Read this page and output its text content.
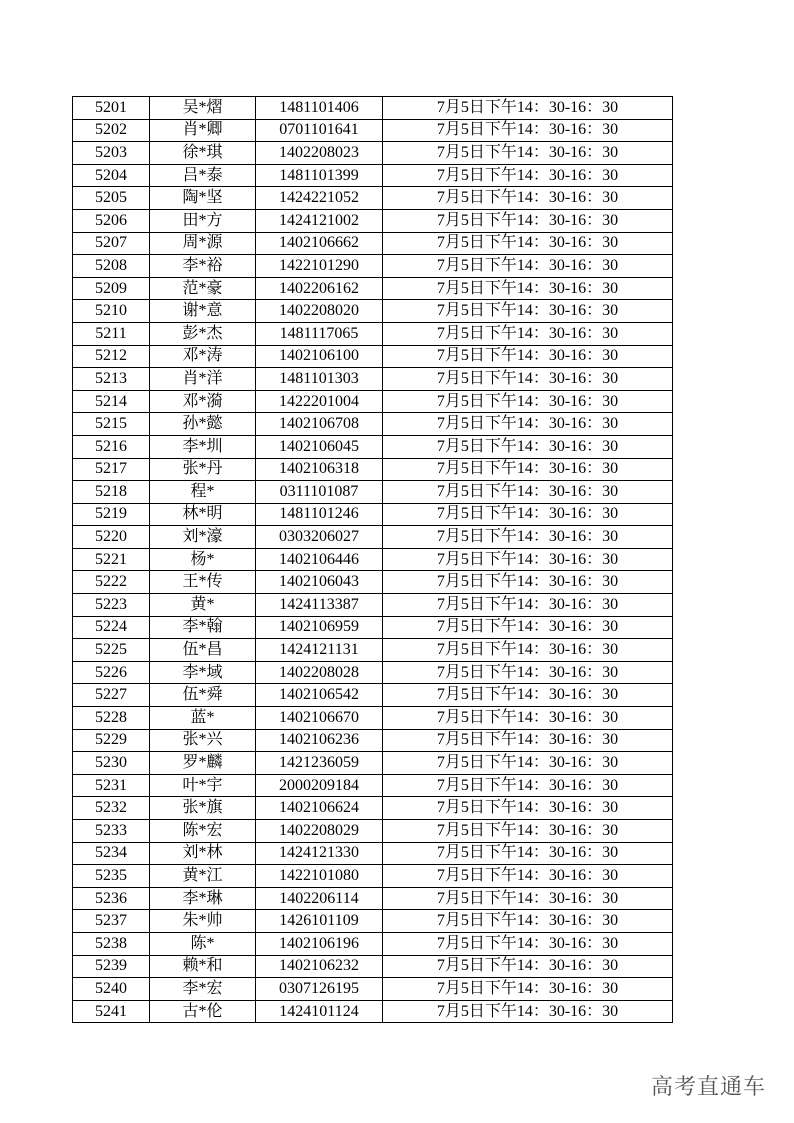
5201	吴*熠	1481101406	7月5日下午14：30-16：30
5202	肖*卿	0701101641	7月5日下午14：30-16：30
5203	徐*琪	1402208023	7月5日下午14：30-16：30
5204	吕*泰	1481101399	7月5日下午14：30-16：30
5205	陶*坚	1424221052	7月5日下午14：30-16：30
5206	田*方	1424121002	7月5日下午14：30-16：30
5207	周*源	1402106662	7月5日下午14：30-16：30
5208	李*裕	1422101290	7月5日下午14：30-16：30
5209	范*豪	1402206162	7月5日下午14：30-16：30
5210	谢*意	1402208020	7月5日下午14：30-16：30
5211	彭*杰	1481117065	7月5日下午14：30-16：30
5212	邓*涛	1402106100	7月5日下午14：30-16：30
5213	肖*洋	1481101303	7月5日下午14：30-16：30
5214	邓*漪	1422201004	7月5日下午14：30-16：30
5215	孙*懿	1402106708	7月5日下午14：30-16：30
5216	李*圳	1402106045	7月5日下午14：30-16：30
5217	张*丹	1402106318	7月5日下午14：30-16：30
5218	程*	0311101087	7月5日下午14：30-16：30
5219	林*明	1481101246	7月5日下午14：30-16：30
5220	刘*濠	0303206027	7月5日下午14：30-16：30
5221	杨*	1402106446	7月5日下午14：30-16：30
5222	王*传	1402106043	7月5日下午14：30-16：30
5223	黄*	1424113387	7月5日下午14：30-16：30
5224	李*翰	1402106959	7月5日下午14：30-16：30
5225	伍*昌	1424121131	7月5日下午14：30-16：30
5226	李*域	1402208028	7月5日下午14：30-16：30
5227	伍*舜	1402106542	7月5日下午14：30-16：30
5228	蓝*	1402106670	7月5日下午14：30-16：30
5229	张*兴	1402106236	7月5日下午14：30-16：30
5230	罗*麟	1421236059	7月5日下午14：30-16：30
5231	叶*宇	2000209184	7月5日下午14：30-16：30
5232	张*旗	1402106624	7月5日下午14：30-16：30
5233	陈*宏	1402208029	7月5日下午14：30-16：30
5234	刘*林	1424121330	7月5日下午14：30-16：30
5235	黄*江	1422101080	7月5日下午14：30-16：30
5236	李*琳	1402206114	7月5日下午14：30-16：30
5237	朱*帅	1426101109	7月5日下午14：30-16：30
5238	陈*	1402106196	7月5日下午14：30-16：30
5239	赖*和	1402106232	7月5日下午14：30-16：30
5240	李*宏	0307126195	7月5日下午14：30-16：30
5241	古*伦	1424101124	7月5日下午14：30-16：30
高考直通车
